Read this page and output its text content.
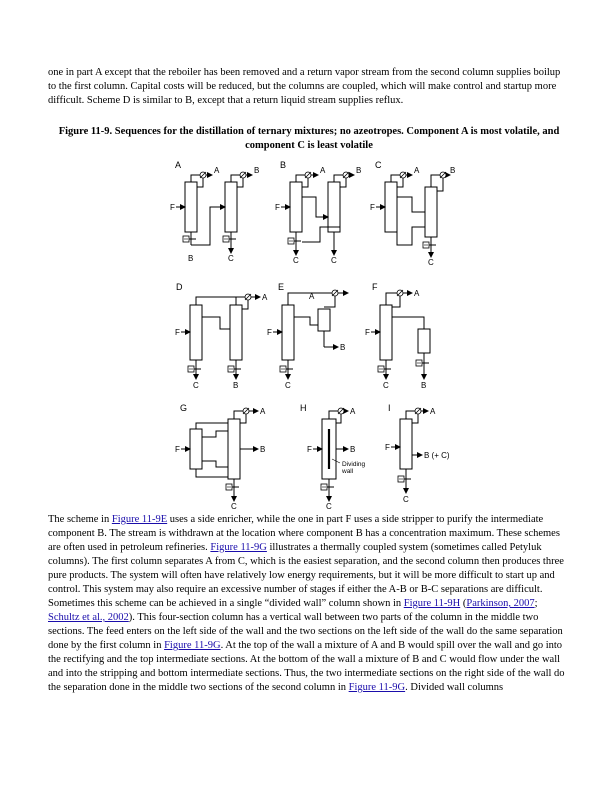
one in part A except that the reboiler has been removed and a return vapor stream from the second column supplies boilup to the first column. Capital costs will be reduced, but the columns are coupled, which will make control and startup more difficult. Scheme D is similar to B, except that a return liquid stream supplies reflux.

Figure 11-9. Sequences for the distillation of ternary mixtures; no azeotropes. Component A is most volatile, and component C is least volatile

A	B	C
D	E	F
G	H	I
F
A	B
B	C
F
A	B
C	C
F
A	B
C
F
A
C	B
F
A
B
C
F
A
C	B
F
A
B
C
F
A
B
C
Dividing
wall
F
A
B (+ C)
C

The scheme in Figure 11-9E uses a side enricher, while the one in part F uses a side stripper to purify the intermediate component B. The stream is withdrawn at the location where component B has a concentration maximum. These schemes are often used in petroleum refineries. Figure 11-9G illustrates a thermally coupled system (sometimes called Petyluk columns). The first column separates A from C, which is the easiest separation, and the second column then produces three pure products. The system will often have relatively low energy requirements, but it will be more difficult to start up and control. This system may also require an excessive number of stages if either the A-B or B-C separations are difficult. Sometimes this scheme can be achieved in a single “divided wall” column shown in Figure 11-9H (Parkinson, 2007; Schultz et al., 2002). This four-section column has a vertical wall between two parts of the column in the middle two sections. The feed enters on the left side of the wall and the two sections on the left side of the wall do the same separation done by the first column in Figure 11-9G. At the top of the wall a mixture of A and B would spill over the wall and go into the rectifying and the top intermediate sections. At the bottom of the wall a mixture of B and C would flow under the wall and into the stripping and bottom intermediate sections. Thus, the two intermediate sections on the right side of the wall do the separation done in the middle two sections of the second column in Figure 11-9G. Divided wall columns
